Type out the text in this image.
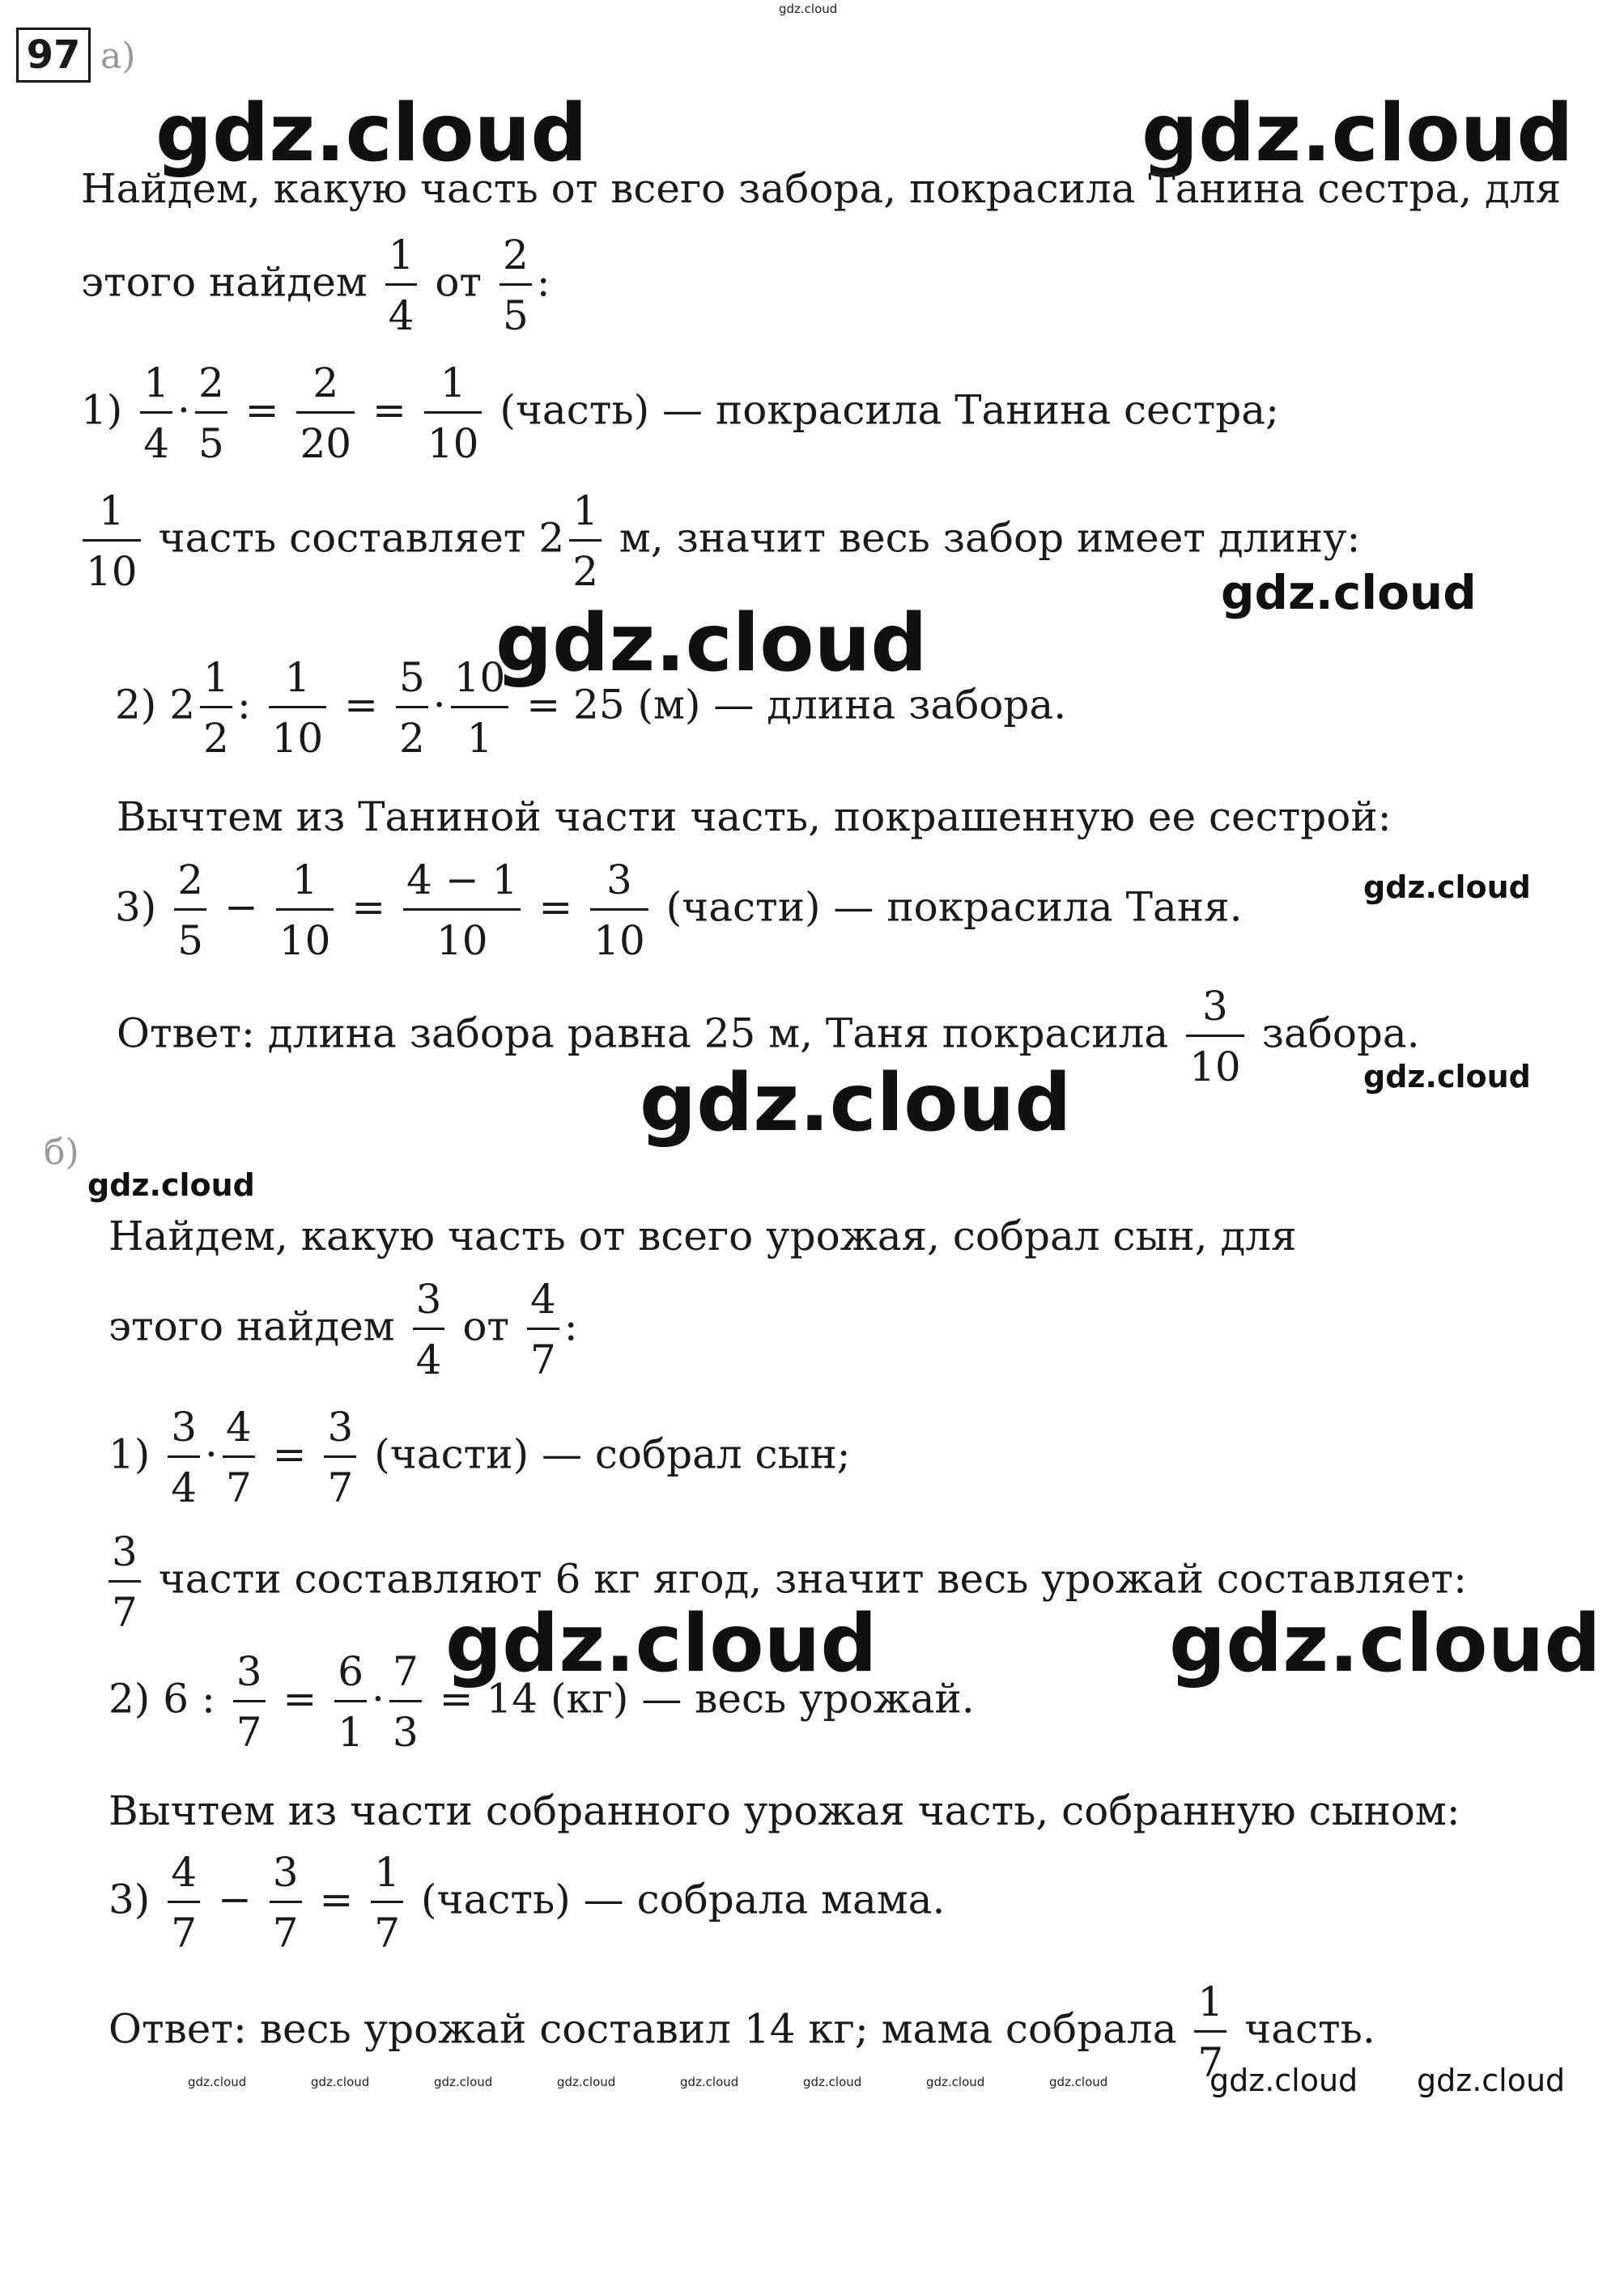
gdz.cloud
97 а)
gdz.cloud	gdz.cloud
gdz.cloud
gdz.cloud
gdz.cloud
gdz.cloud	gdz.cloud
gdz.cloud
gdz.cloud	gdz.cloud
gdz.cloud gdz.cloud
gdz.cloud	gdz.cloud	gdz.cloud	gdz.cloud	gdz.cloud	gdz.cloud	gdz.cloud	gdz.cloud
Найдем, какую часть от всего забора, покрасила Танина сестра, для
этого найдем $\frac{1}{4}$ от $\frac{2}{5}$ :
$1) \frac{1}{4} \cdot \frac{2}{5} = \frac{2}{20} = \frac{1}{10}$ (часть) — покрасила Танина сестра;
$\frac{1}{10}$ часть составляет $2 \frac{1}{2} м$, значит весь забор имеет длину:
2) $2 \frac{1}{2}$ : $\frac{1}{10} = \frac{5}{2} \cdot \frac{10}{1} = 25$ (м) — длина забора.
Вычтем из Таниной части часть, покрашенную ее сестрой:
$3) \frac{2}{5} - \frac{1}{10} = \frac{4 - 1}{10} = \frac{3}{10}$ (части) — покрасила Таня.
Ответ: длина забора равна 25 м, Таня покрасила $\frac{3}{10}$ забора.
б)
Найдем, какую часть от всего урожая, собрал сын, для
этого найдем $\frac{3}{4}$ от $\frac{4}{7}$ :
$1) \frac{3}{4} \cdot \frac{4}{7} = \frac{3}{7}$ (части) — собрал сын;
$\frac{3}{7}$ части составляют 6 кг ягод, значит весь урожай составляет:
2) 6 : $\frac{3}{7} = \frac{6}{1} \cdot \frac{7}{3} = 14$ (кг) — весь урожай.
Вычтем из части собранного урожая часть, собранную сыном:
$3) \frac{4}{7} - \frac{3}{7} = \frac{1}{7}$ (часть) — собрала мама.
Ответ: весь урожай составил 14 кг; мама собрала $\frac{1}{7}$ часть.
